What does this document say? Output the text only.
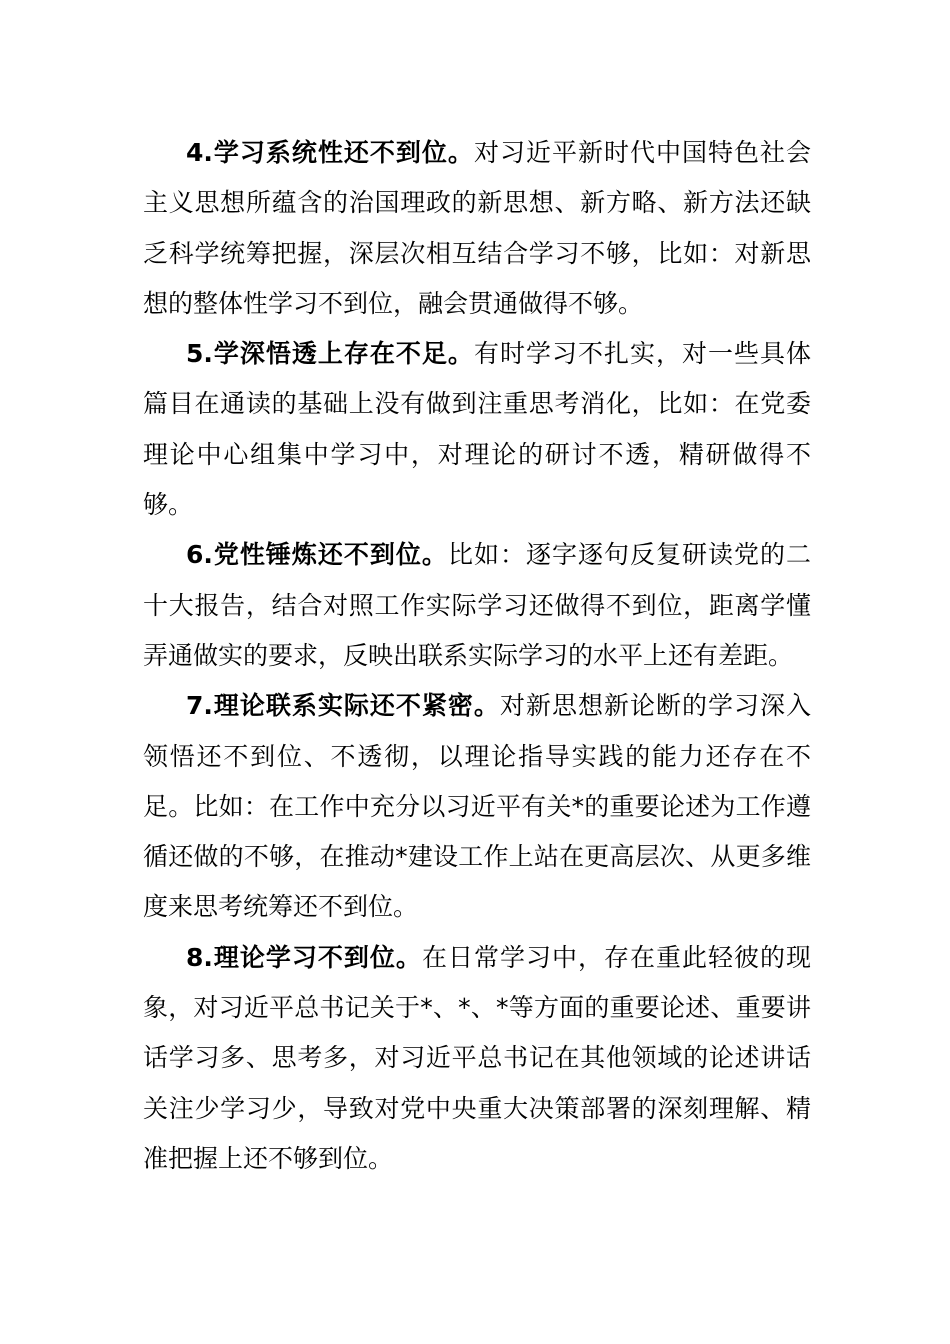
4.学习系统性还不到位。对习近平新时代中国特色社会主义思想所蕴含的治国理政的新思想、新方略、新方法还缺乏科学统筹把握，深层次相互结合学习不够，比如：对新思想的整体性学习不到位，融会贯通做得不够。

5.学深悟透上存在不足。有时学习不扎实，对一些具体篇目在通读的基础上没有做到注重思考消化，比如：在党委理论中心组集中学习中，对理论的研讨不透，精研做得不够。

6.党性锤炼还不到位。比如：逐字逐句反复研读党的二十大报告，结合对照工作实际学习还做得不到位，距离学懂弄通做实的要求，反映出联系实际学习的水平上还有差距。

7.理论联系实际还不紧密。对新思想新论断的学习深入领悟还不到位、不透彻，以理论指导实践的能力还存在不足。比如：在工作中充分以习近平有关*的重要论述为工作遵循还做的不够，在推动*建设工作上站在更高层次、从更多维度来思考统筹还不到位。

8.理论学习不到位。在日常学习中，存在重此轻彼的现象，对习近平总书记关于*、*、*等方面的重要论述、重要讲话学习多、思考多，对习近平总书记在其他领域的论述讲话关注少学习少，导致对党中央重大决策部署的深刻理解、精准把握上还不够到位。
